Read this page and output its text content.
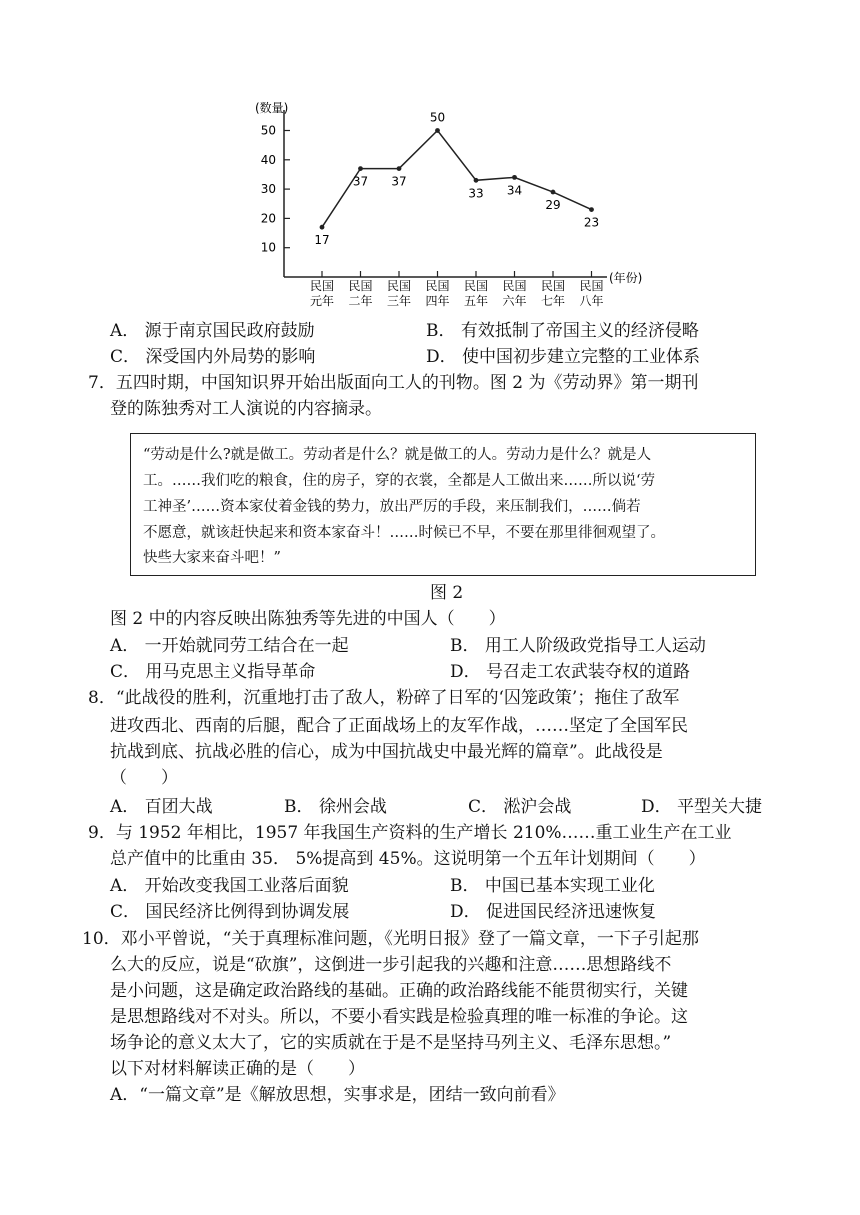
(数量)
(年份)
10
20
30
40
50
17
37 37
50
33 34
29
23
民国
元年
民国
二年
民国
三年
民国
四年
民国
五年
民国
六年
民国
七年
民国
八年
A． 源于南京国民政府鼓励	B． 有效抵制了帝国主义的经济侵略
C． 深受国内外局势的影响	D． 使中国初步建立完整的工业体系
7．五四时期，中国知识界开始出版面向工人的刊物。图 2 为《劳动界》第一期刊
登的陈独秀对工人演说的内容摘录。
“劳动是什么?就是做工。劳动者是什么？就是做工的人。劳动力是什么？就是人
工。……我们吃的粮食，住的房子，穿的衣裳，全都是人工做出来……所以说‘劳
工神圣’……资本家仗着金钱的势力，放出严厉的手段，来压制我们，……倘若
不愿意，就该赶快起来和资本家奋斗！……时候已不早，不要在那里徘徊观望了。
快些大家来奋斗吧！”
图 2
图 2 中的内容反映出陈独秀等先进的中国人（　　）
A． 一开始就同劳工结合在一起	B． 用工人阶级政党指导工人运动
C． 用马克思主义指导革命	D． 号召走工农武装夺权的道路
8．“此战役的胜利，沉重地打击了敌人，粉碎了日军的‘囚笼政策’；拖住了敌军
进攻西北、西南的后腿，配合了正面战场上的友军作战，……坚定了全国军民
抗战到底、抗战必胜的信心，成为中国抗战史中最光辉的篇章”。此战役是
（　　）
A． 百团大战	B． 徐州会战	C． 淞沪会战	D． 平型关大捷
9．与 1952 年相比，1957 年我国生产资料的生产增长 210%……重工业生产在工业
总产值中的比重由 35． 5%提高到 45%。这说明第一个五年计划期间（　　）
A． 开始改变我国工业落后面貌	B． 中国已基本实现工业化
C． 国民经济比例得到协调发展	D． 促进国民经济迅速恢复
10．邓小平曾说，“关于真理标准问题，《光明日报》登了一篇文章，一下子引起那
么大的反应，说是“砍旗”，这倒进一步引起我的兴趣和注意……思想路线不
是小问题，这是确定政治路线的基础。正确的政治路线能不能贯彻实行，关键
是思想路线对不对头。所以，不要小看实践是检验真理的唯一标准的争论。这
场争论的意义太大了，它的实质就在于是不是坚持马列主义、毛泽东思想。”
以下对材料解读正确的是（　　）
A．“一篇文章”是《解放思想，实事求是，团结一致向前看》
